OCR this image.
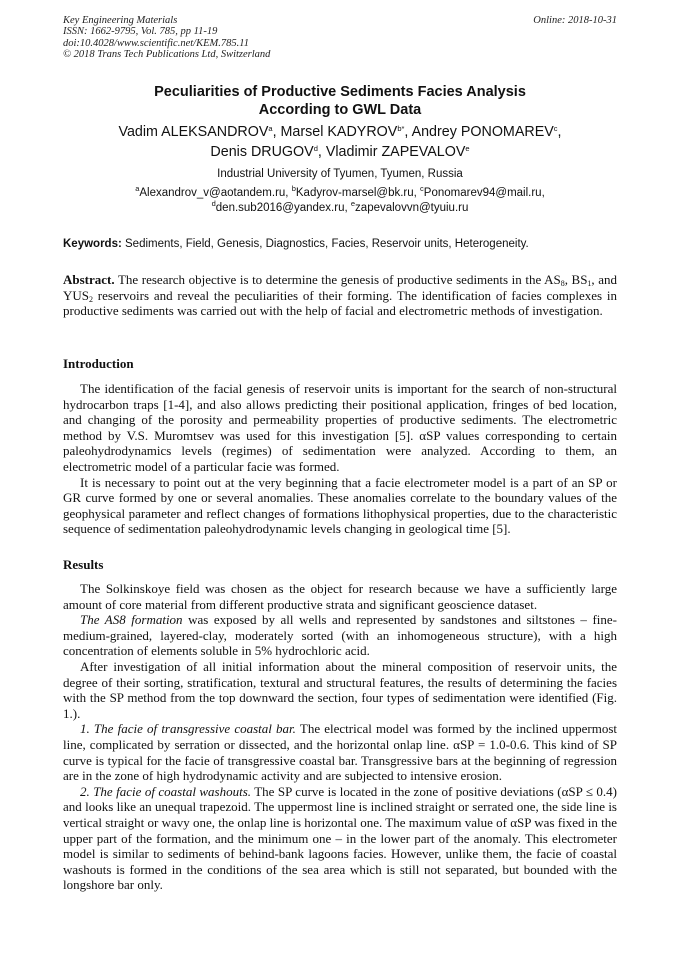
Key Engineering Materials
ISSN: 1662-9795, Vol. 785, pp 11-19
doi:10.4028/www.scientific.net/KEM.785.11
© 2018 Trans Tech Publications Ltd, Switzerland
Online: 2018-10-31
Peculiarities of Productive Sediments Facies Analysis
According to GWL Data
Vadim ALEKSANDROV$^a$, Marsel $KADYROV^{b*}$, Andrey PONOMAREV$^c$,
Denis DRUGOV$^d$, Vladimir ZAPEVALOV$^e$
Industrial University of Tyumen, Tyumen, Russia
$^a$Alexandrov_v@aotandem.ru, $^b$Kadyrov-marsel@bk.ru, $^c$Ponomarev94@mail.ru,
$^d$den.sub2016@yandex.ru, $^e$zapevalovvn@tyuiu.ru
Keywords: Sediments, Field, Genesis, Diagnostics, Facies, Reservoir units, Heterogeneity.

Abstract. The research objective is to determine the genesis of productive sediments in the $AS_8$, $BS_1$, and $YUS_2$ reservoirs and reveal the peculiarities of their forming. The identification of facies complexes in productive sediments was carried out with the help of facial and electrometric methods of investigation.

Introduction

The identification of the facial genesis of reservoir units is important for the search of non-structural hydrocarbon traps [1-4], and also allows predicting their positional application, fringes of bed location, and changing of the porosity and permeability properties of productive sediments. The electrometric method by V.S. Muromtsev was used for this investigation [5]. αSP values corresponding to certain paleohydrodynamics levels (regimes) of sedimentation were analyzed. According to them, an electrometric model of a particular facie was formed.

It is necessary to point out at the very beginning that a facie electrometer model is a part of an SP or GR curve formed by one or several anomalies. These anomalies correlate to the boundary values of the geophysical parameter and reflect changes of formations lithophysical properties, due to the characteristic sequence of sedimentation paleohydrodynamic levels changing in geological time [5].

Results

The Solkinskoye field was chosen as the object for research because we have a sufficiently large amount of core material from different productive strata and significant geoscience dataset.

The AS8 formation was exposed by all wells and represented by sandstones and siltstones – fine-medium-grained, layered-clay, moderately sorted (with an inhomogeneous structure), with a high concentration of elements soluble in 5% hydrochloric acid.

After investigation of all initial information about the mineral composition of reservoir units, the degree of their sorting, stratification, textural and structural features, the results of determining the facies with the SP method from the top downward the section, four types of sedimentation were identified (Fig. 1.).

1. The facie of transgressive coastal bar. The electrical model was formed by the inclined uppermost line, complicated by serration or dissected, and the horizontal onlap line. αSP = 1.0-0.6. This kind of SP curve is typical for the facie of transgressive coastal bar. Transgressive bars at the beginning of regression are in the zone of high hydrodynamic activity and are subjected to intensive erosion.

2. The facie of coastal washouts. The SP curve is located in the zone of positive deviations (αSP ≤ 0.4) and looks like an unequal trapezoid. The uppermost line is inclined straight or serrated one, the side line is vertical straight or wavy one, the onlap line is horizontal one. The maximum value of αSP was fixed in the upper part of the formation, and the minimum one – in the lower part of the anomaly. This electrometer model is similar to sediments of behind-bank lagoons facies. However, unlike them, the facie of coastal washouts is formed in the conditions of the sea area which is still not separated, but bounded with the longshore bar only.
